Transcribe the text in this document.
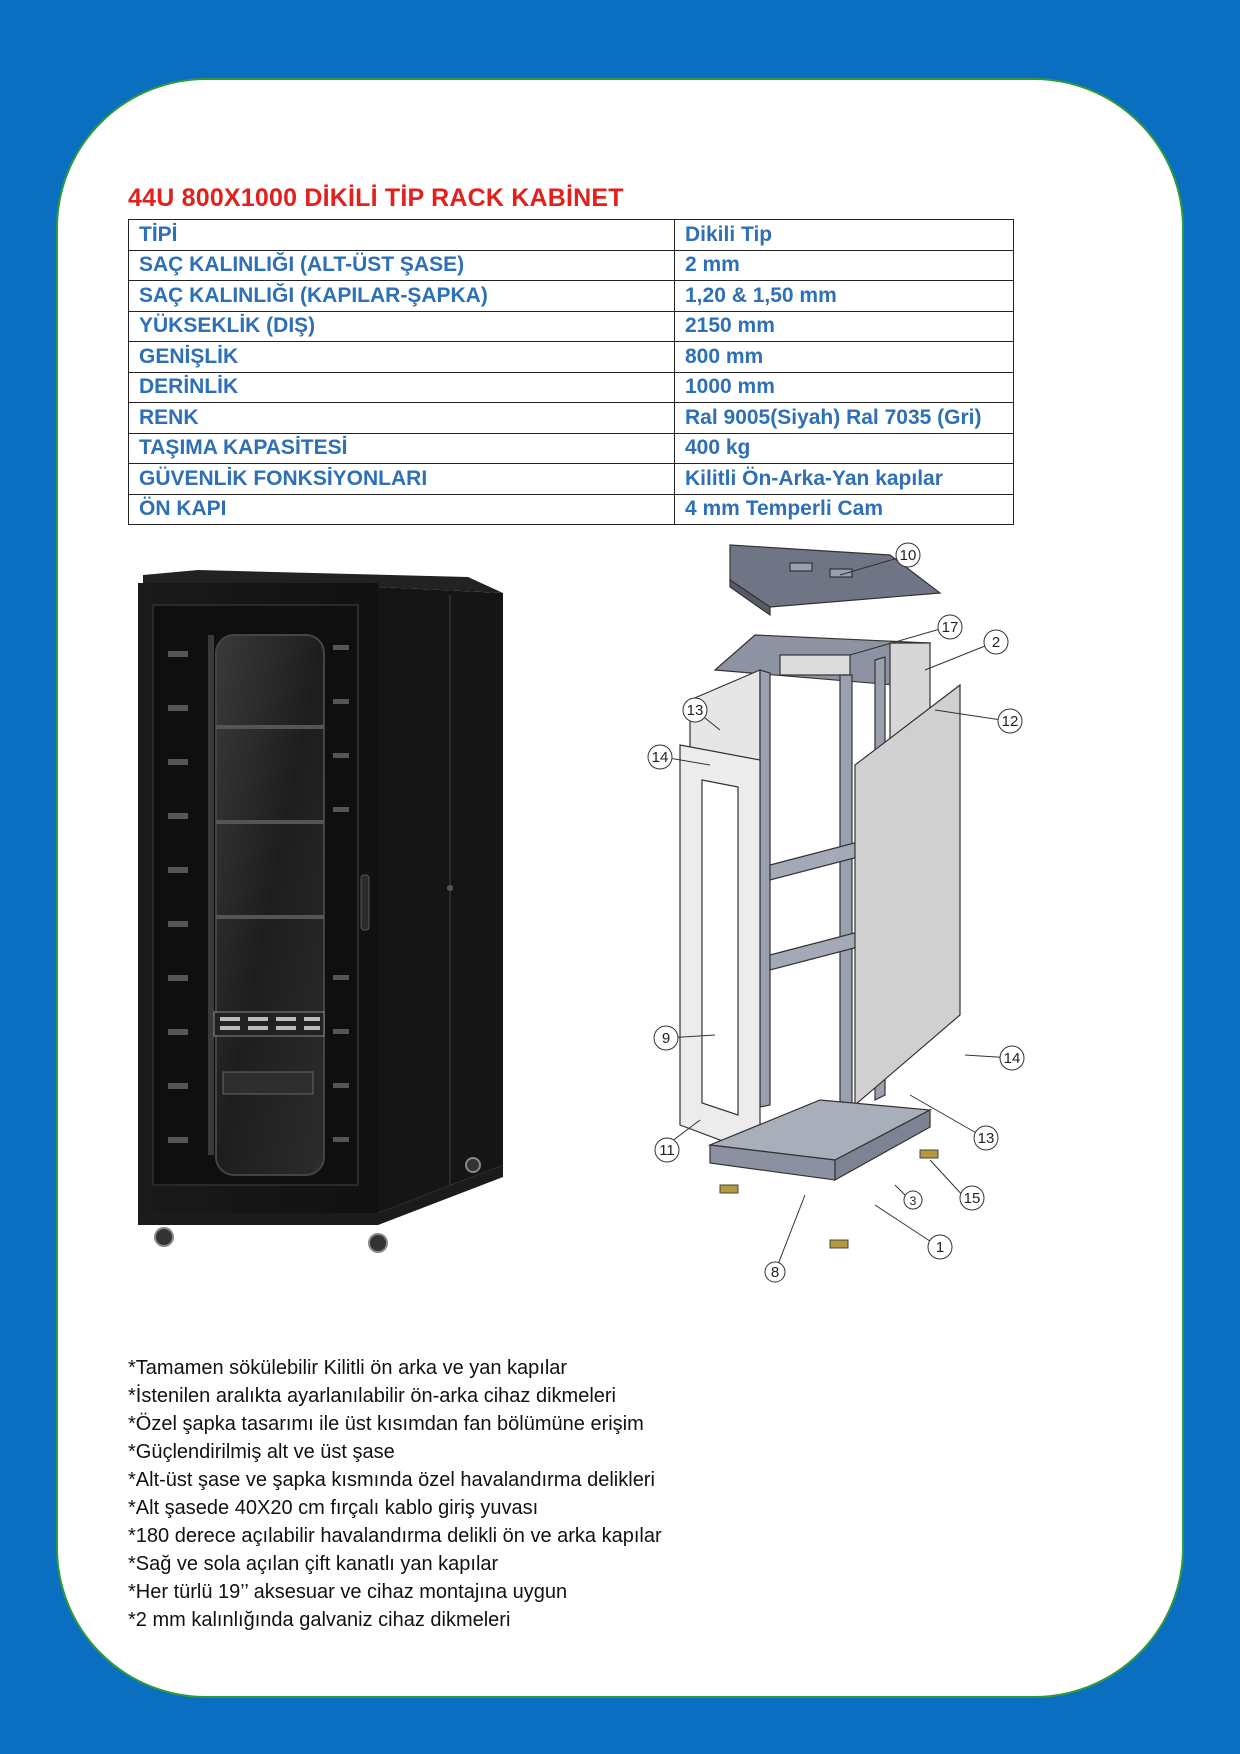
44U 800X1000 DİKİLİ TİP RACK KABİNET
TİPİ	Dikili Tip
SAÇ KALINLIĞI (ALT-ÜST ŞASE)	2 mm
SAÇ KALINLIĞI (KAPILAR-ŞAPKA)	1,20 & 1,50 mm
YÜKSEKLİK (DIŞ)	2150 mm
GENİŞLİK	800 mm
DERİNLİK	1000 mm
RENK	Ral 9005(Siyah) Ral 7035 (Gri)
TAŞIMA KAPASİTESİ	400 kg
GÜVENLİK FONKSİYONLARI	Kilitli Ön-Arka-Yan kapılar
ÖN KAPI	4 mm Temperli Cam
10
17
2
13
12
14
9
14
13
11
15
3
1
8
*Tamamen sökülebilir Kilitli ön arka ve yan kapılar
*İstenilen aralıkta ayarlanılabilir ön-arka cihaz dikmeleri
*Özel şapka tasarımı ile üst kısımdan fan bölümüne erişim
*Güçlendirilmiş alt ve üst şase
*Alt-üst şase ve şapka kısmında özel havalandırma delikleri
*Alt şasede 40X20 cm fırçalı kablo giriş yuvası
*180 derece açılabilir havalandırma delikli ön ve arka kapılar
*Sağ ve sola açılan çift kanatlı yan kapılar
*Her türlü 19’’ aksesuar ve cihaz montajına uygun
*2 mm kalınlığında galvaniz cihaz dikmeleri
